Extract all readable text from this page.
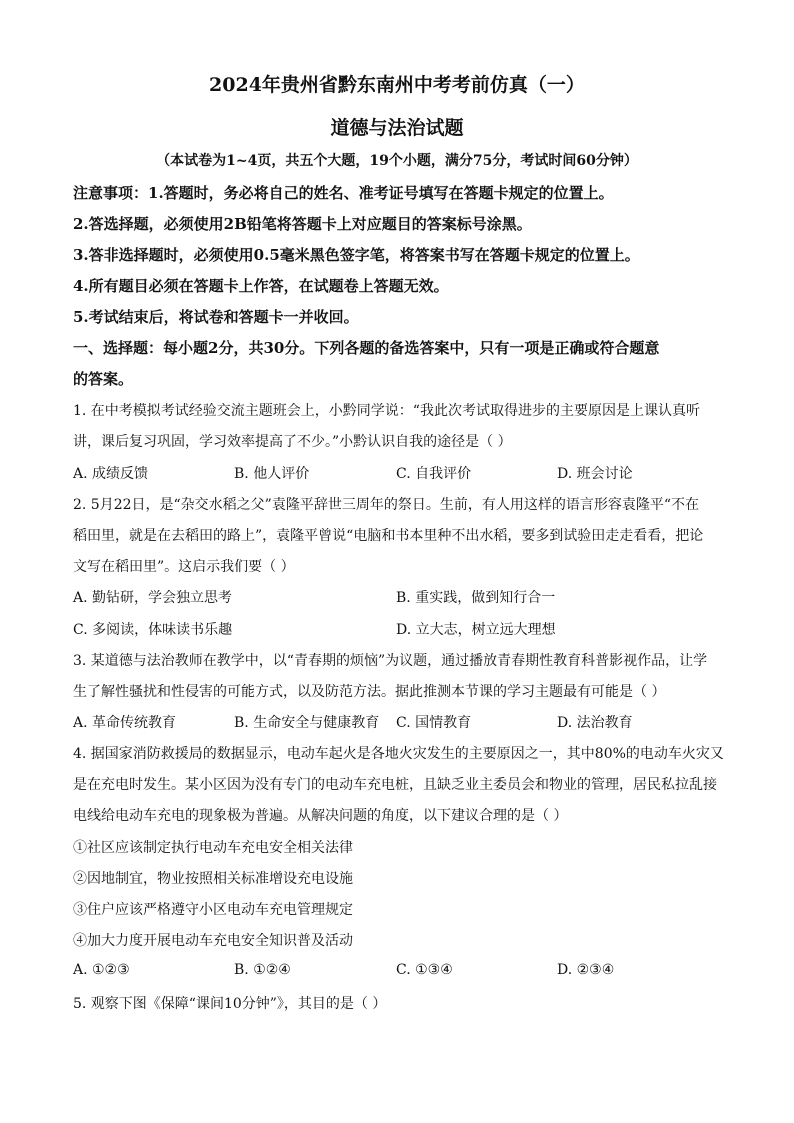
2024年贵州省黔东南州中考考前仿真（一）
道德与法治试题
（本试卷为1~4页，共五个大题，19个小题，满分75分，考试时间60分钟）
注意事项：1.答题时，务必将自己的姓名、准考证号填写在答题卡规定的位置上。
2.答选择题，必须使用2B铅笔将答题卡上对应题目的答案标号涂黑。
3.答非选择题时，必须使用0.5毫米黑色签字笔，将答案书写在答题卡规定的位置上。
4.所有题目必须在答题卡上作答，在试题卷上答题无效。
5.考试结束后，将试卷和答题卡一并收回。
一、选择题：每小题2分，共30分。下列各题的备选答案中，只有一项是正确或符合题意
的答案。
1. 在中考模拟考试经验交流主题班会上，小黔同学说：“我此次考试取得进步的主要原因是上课认真听
讲，课后复习巩固，学习效率提高了不少。”小黔认识自我的途径是（ ）
A. 成绩反馈	B. 他人评价	C. 自我评价	D. 班会讨论
2. 5月22日，是“杂交水稻之父”袁隆平辞世三周年的祭日。生前，有人用这样的语言形容袁隆平“不在
稻田里，就是在去稻田的路上”，袁隆平曾说“电脑和书本里种不出水稻，要多到试验田走走看看，把论
文写在稻田里”。这启示我们要（ ）
A. 勤钻研，学会独立思考	B. 重实践，做到知行合一
C. 多阅读，体味读书乐趣	D. 立大志，树立远大理想
3. 某道德与法治教师在教学中，以“青春期的烦恼”为议题，通过播放青春期性教育科普影视作品，让学
生了解性骚扰和性侵害的可能方式，以及防范方法。据此推测本节课的学习主题最有可能是（ ）
A. 革命传统教育	B. 生命安全与健康教育 C. 国情教育	D. 法治教育
4. 据国家消防救援局的数据显示，电动车起火是各地火灾发生的主要原因之一，其中80%的电动车火灾又
是在充电时发生。某小区因为没有专门的电动车充电桩，且缺乏业主委员会和物业的管理，居民私拉乱接
电线给电动车充电的现象极为普遍。从解决问题的角度，以下建议合理的是（ ）
①社区应该制定执行电动车充电安全相关法律
②因地制宜，物业按照相关标准增设充电设施
③住户应该严格遵守小区电动车充电管理规定
④加大力度开展电动车充电安全知识普及活动
A. ①②③	B. ①②④	C. ①③④	D. ②③④
5. 观察下图《保障“课间10分钟”》，其目的是（ ）
